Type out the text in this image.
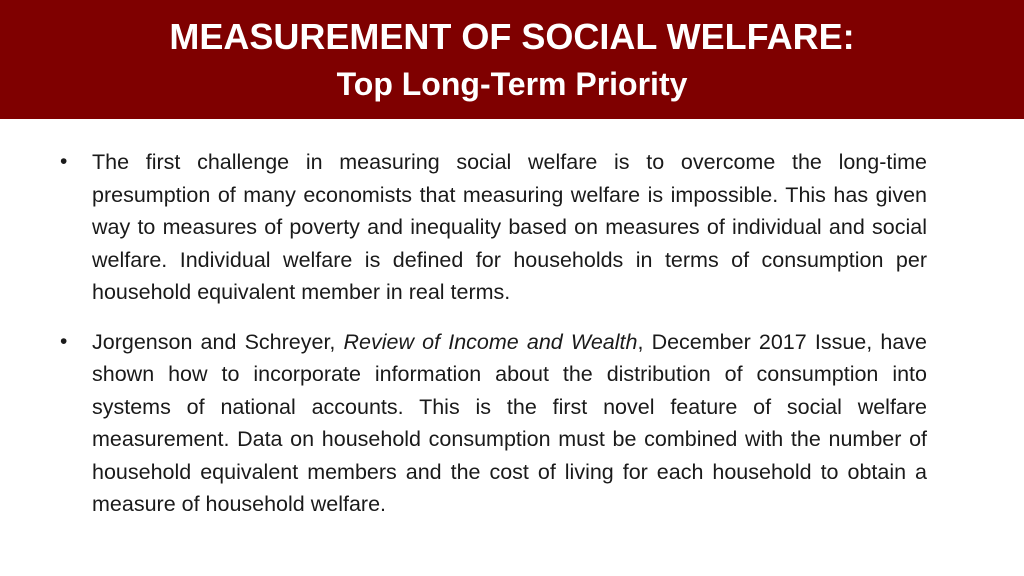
MEASUREMENT OF SOCIAL WELFARE:
Top Long-Term Priority
• The first challenge in measuring social welfare is to overcome the long-time presumption of many economists that measuring welfare is impossible. This has given way to measures of poverty and inequality based on measures of individual and social welfare. Individual welfare is defined for households in terms of consumption per household equivalent member in real terms.
• Jorgenson and Schreyer, Review of Income and Wealth, December 2017 Issue, have shown how to incorporate information about the distribution of consumption into systems of national accounts. This is the first novel feature of social welfare measurement. Data on household consumption must be combined with the number of household equivalent members and the cost of living for each household to obtain a measure of household welfare.
